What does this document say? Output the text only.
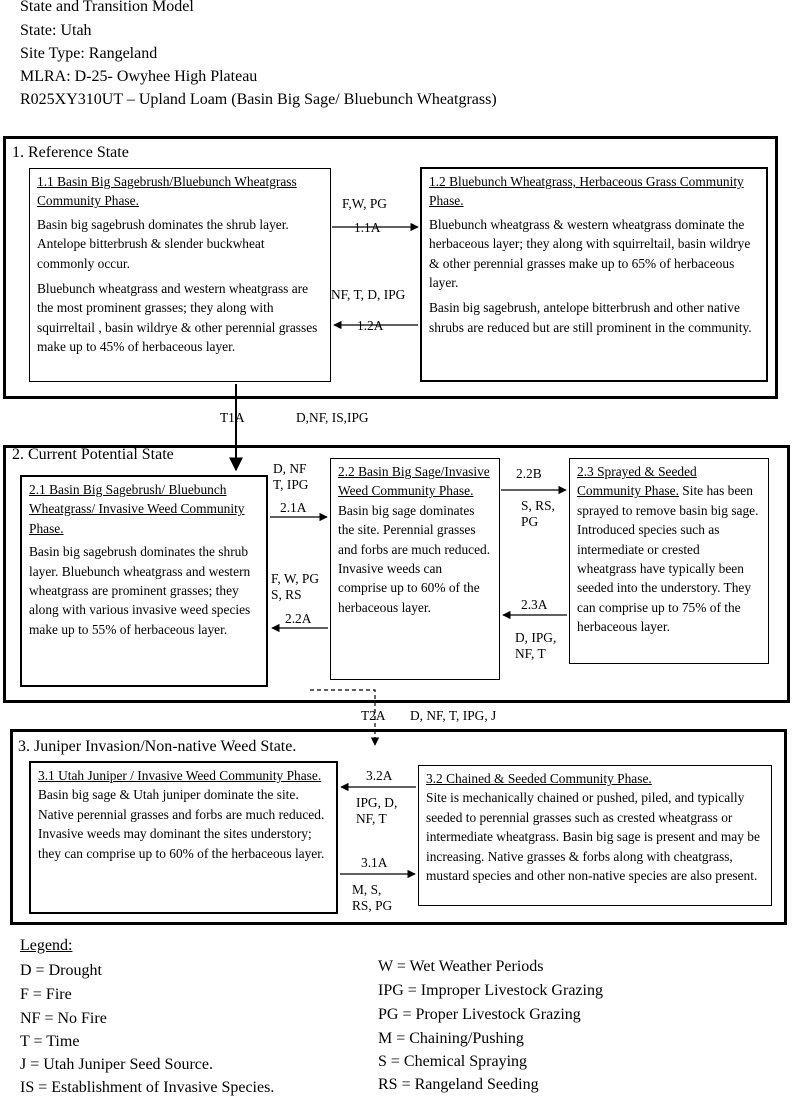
State and Transition Model
State: Utah
Site Type: Rangeland
MLRA: D-25- Owyhee High Plateau
R025XY310UT – Upland Loam (Basin Big Sage/ Bluebunch Wheatgrass)
1. Reference State
1.1 Basin Big Sagebrush/Bluebunch Wheatgrass Community Phase.
Basin big sagebrush dominates the shrub layer. Antelope bitterbrush & slender buckwheat commonly occur.
Bluebunch wheatgrass and western wheatgrass are the most prominent grasses; they along with squirreltail , basin wildrye & other perennial grasses make up to 45% of herbaceous layer.
1.2 Bluebunch Wheatgrass, Herbaceous Grass Community Phase.
Bluebunch wheatgrass & western wheatgrass dominate the herbaceous layer; they along with squirreltail, basin wildrye & other perennial grasses make up to 65% of herbaceous layer.
Basin big sagebrush, antelope bitterbrush and other native shrubs are reduced but are still prominent in the community.
F,W, PG
1.1A
NF, T, D, IPG
1.2A
T1A	D,NF, IS,IPG
2. Current Potential State
2.1 Basin Big Sagebrush/ Bluebunch Wheatgrass/ Invasive Weed Community Phase.
Basin big sagebrush dominates the shrub layer. Bluebunch wheatgrass and western wheatgrass are prominent grasses; they along with various invasive weed species make up to 55% of herbaceous layer.
2.2 Basin Big Sage/Invasive Weed Community Phase.
Basin big sage dominates the site. Perennial grasses and forbs are much reduced. Invasive weeds can comprise up to 60% of the herbaceous layer.
2.3 Sprayed & Seeded Community Phase. Site has been sprayed to remove basin big sage. Introduced species such as intermediate or crested wheatgrass have typically been seeded into the understory. They can comprise up to 75% of the herbaceous layer.
D, NF
T, IPG
2.1A
F, W, PG
S, RS
2.2A
2.2B
S, RS,
PG
2.3A
D, IPG,
NF, T
T2A D, NF, T, IPG, J
3. Juniper Invasion/Non-native Weed State.
3.1 Utah Juniper / Invasive Weed Community Phase.
Basin big sage & Utah juniper dominate the site. Native perennial grasses and forbs are much reduced. Invasive weeds may dominant the sites understory; they can comprise up to 60% of the herbaceous layer.
3.2 Chained & Seeded Community Phase.
Site is mechanically chained or pushed, piled, and typically seeded to perennial grasses such as crested wheatgrass or intermediate wheatgrass. Basin big sage is present and may be increasing. Native grasses & forbs along with cheatgrass, mustard species and other non-native species are also present.
3.2A
IPG, D,
NF, T
3.1A
M, S,
RS, PG
Legend:
D = Drought
F = Fire
NF = No Fire
T = Time
J = Utah Juniper Seed Source.
IS = Establishment of Invasive Species.
W = Wet Weather Periods
IPG = Improper Livestock Grazing
PG = Proper Livestock Grazing
M = Chaining/Pushing
S = Chemical Spraying
RS = Rangeland Seeding
